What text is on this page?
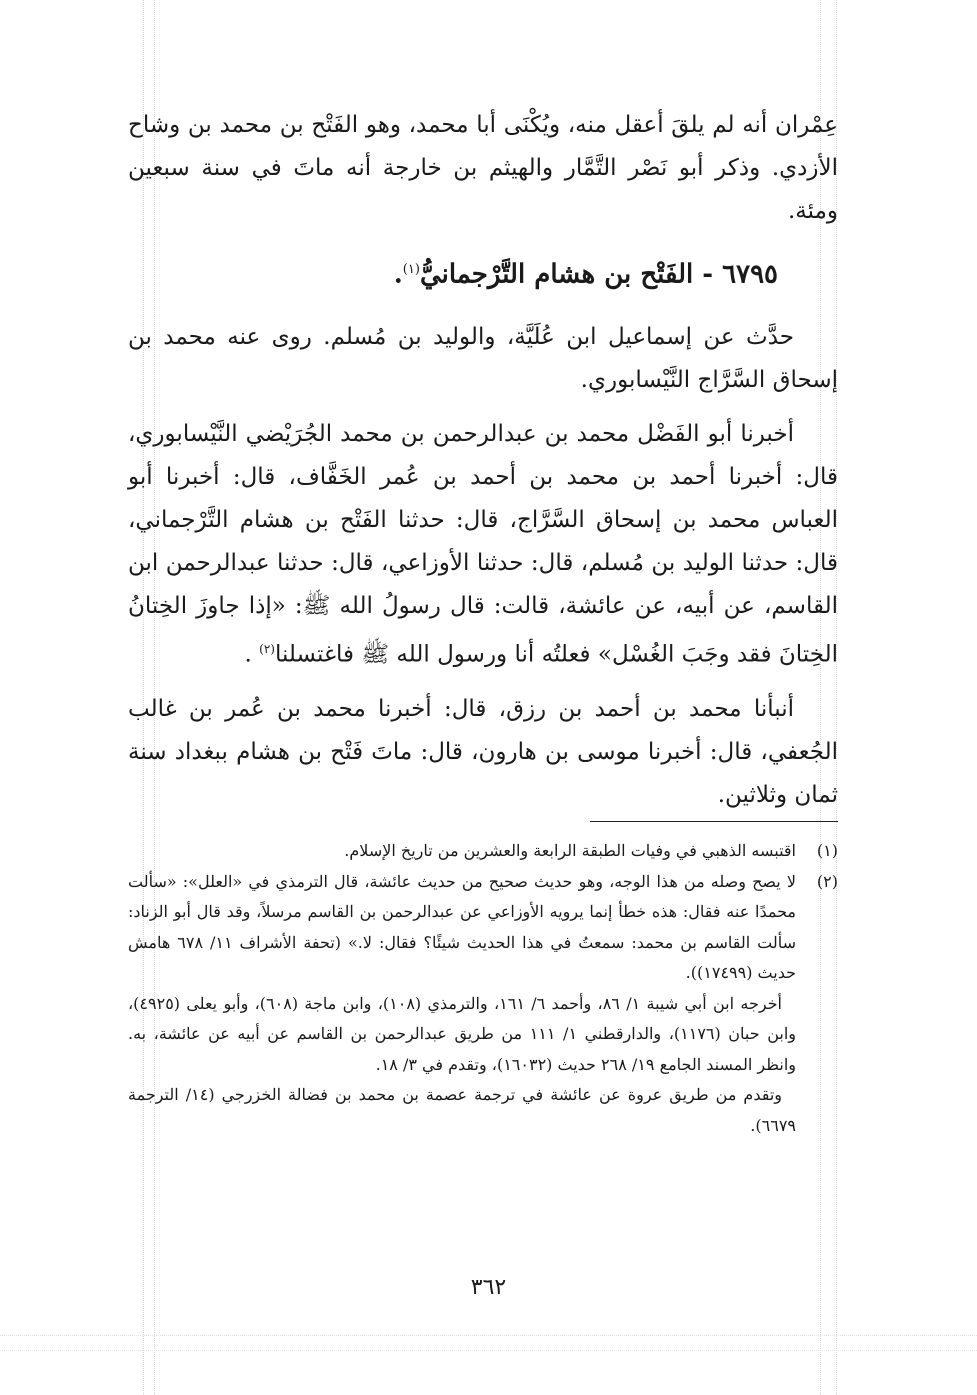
عِمْران أنه لم يلقَ أعقل منه، ويُكْنَى أبا محمد، وهو الفَتْح بن محمد بن وشاح الأزدي. وذكر أبو نَصْر التَّمَّار والهيثم بن خارجة أنه ماتَ في سنة سبعين ومئة.

٦٧٩٥ - الفَتْح بن هشام التَّرْجمانيُّ$^{(١)}$.

حدَّث عن إسماعيل ابن عُلَيَّة، والوليد بن مُسلم. روى عنه محمد بن إسحاق السَّرَّاج النَّيْسابوري.

أخبرنا أبو الفَضْل محمد بن عبدالرحمن بن محمد الجُرَيْضي النَّيْسابوري، قال: أخبرنا أحمد بن محمد بن أحمد بن عُمر الخَفَّاف، قال: أخبرنا أبو العباس محمد بن إسحاق السَّرَّاج، قال: حدثنا الفَتْح بن هشام التَّرْجماني، قال: حدثنا الوليد بن مُسلم، قال: حدثنا الأوزاعي، قال: حدثنا عبدالرحمن ابن القاسم، عن أبيه، عن عائشة، قالت: قال رسولُ الله ﷺ: «إذا جاوزَ الخِتانُ الخِتانَ فقد وجَبَ الغُسْل» فعلتُه أنا ورسول الله ﷺ فاغتسلنا$^{(٢)}$ .

أنبأنا محمد بن أحمد بن رزق، قال: أخبرنا محمد بن عُمر بن غالب الجُعفي، قال: أخبرنا موسى بن هارون، قال: ماتَ فَتْح بن هشام ببغداد سنة ثمان وثلاثين.

(١)
اقتبسه الذهبي في وفيات الطبقة الرابعة والعشرين من تاريخ الإسلام.
(٢)
لا يصح وصله من هذا الوجه، وهو حديث صحيح من حديث عائشة، قال الترمذي في «العلل»: «سألت محمدًا عنه فقال: هذه خطأ إنما يرويه الأوزاعي عن عبدالرحمن بن القاسم مرسلاً، وقد قال أبو الزناد: سألت القاسم بن محمد: سمعتُ في هذا الحديث شيئًا؟ فقال: لا.» (تحفة الأشراف ١١/ ٦٧٨ هامش حديث (١٧٤٩٩)).

أخرجه ابن أبي شيبة ١/ ٨٦، وأحمد ٦/ ١٦١، والترمذي (١٠٨)، وابن ماجة (٦٠٨)، وأبو يعلى (٤٩٢٥)، وابن حبان (١١٧٦)، والدارقطني ١/ ١١١ من طريق عبدالرحمن بن القاسم عن أبيه عن عائشة، به. وانظر المسند الجامع ١٩/ ٢٦٨ حديث (١٦٠٣٢)، وتقدم في ٣/ ١٨.

وتقدم من طريق عروة عن عائشة في ترجمة عصمة بن محمد بن فضالة الخزرجي (١٤/ الترجمة ٦٦٧٩).

٣٦٢
